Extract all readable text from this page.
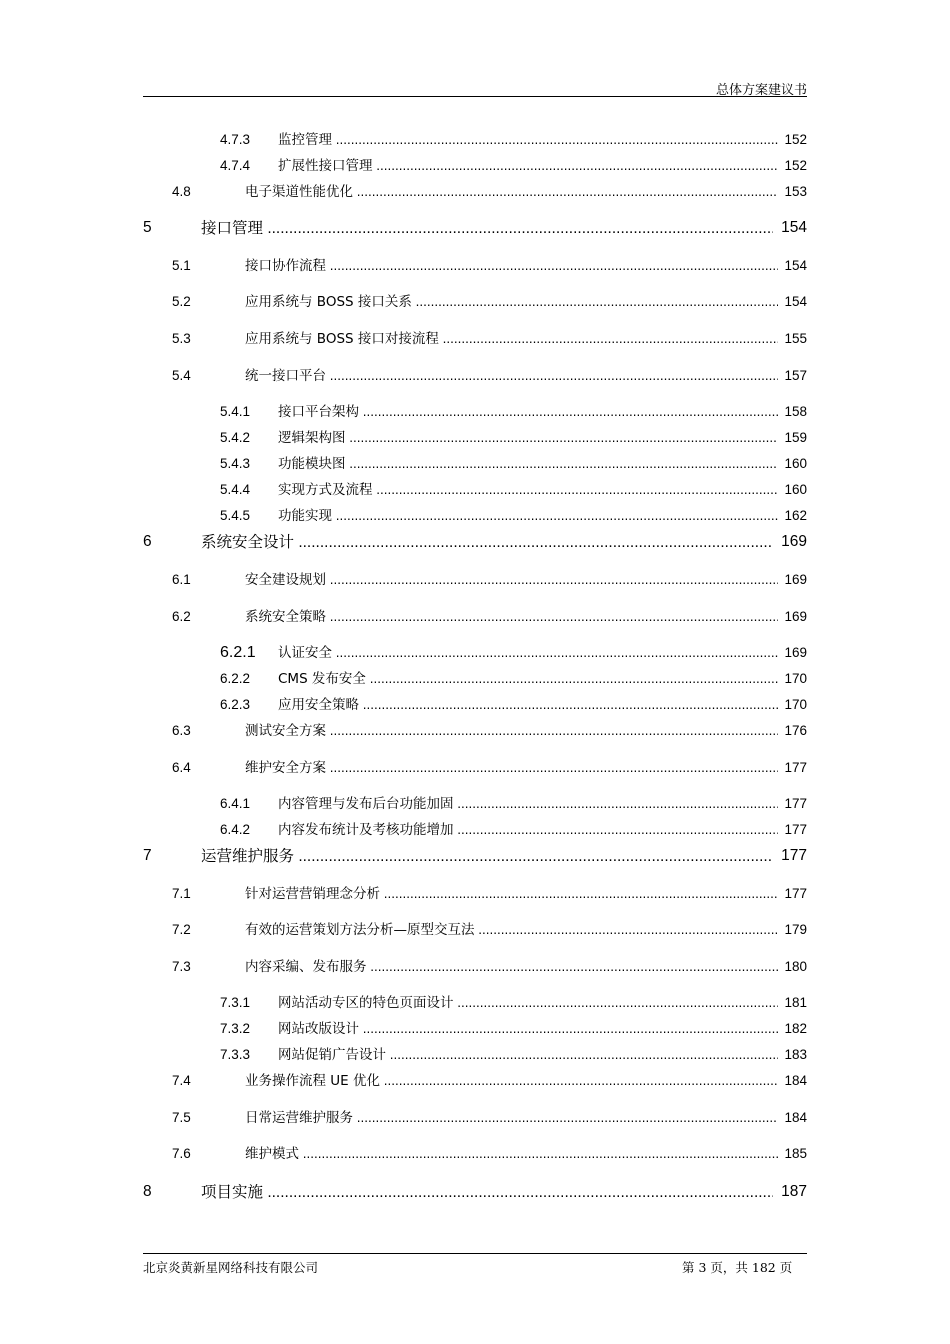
总体方案建议书
4.7.3 监控管理 .....	152
4.7.4 扩展性接口管理 .....	152
4.8	电子渠道性能优化 .....	153
5	接口管理 .....	154
5.1	接口协作流程 .....	154
5.2	应用系统与 BOSS 接口关系 .....	154
5.3	应用系统与 BOSS 接口对接流程 .....	155
5.4	统一接口平台 .....	157
5.4.1 接口平台架构 .....	158
5.4.2 逻辑架构图 .....	159
5.4.3 功能模块图 .....	160
5.4.4 实现方式及流程 .....	160
5.4.5 功能实现 .....	162
6	系统安全设计 .....	169
6.1	安全建设规划 .....	169
6.2	系统安全策略 .....	169
6.2.1 认证安全 .....	169
6.2.2 CMS 发布安全 .....	170
6.2.3 应用安全策略 .....	170
6.3	测试安全方案 .....	176
6.4	维护安全方案 .....	177
6.4.1 内容管理与发布后台功能加固 .....	177
6.4.2 内容发布统计及考核功能增加 .....	177
7	运营维护服务 .....	177
7.1	针对运营营销理念分析 .....	177
7.2	有效的运营策划方法分析—原型交互法 .....	179
7.3	内容采编、发布服务 .....	180
7.3.1 网站活动专区的特色页面设计 .....	181
7.3.2 网站改版设计 .....	182
7.3.3 网站促销广告设计 .....	183
7.4	业务操作流程 UE 优化 .....	184
7.5	日常运营维护服务 .....	184
7.6	维护模式 .....	185
8	项目实施 .....	187
北京炎黄新星网络科技有限公司	第 3 页，共 182 页
